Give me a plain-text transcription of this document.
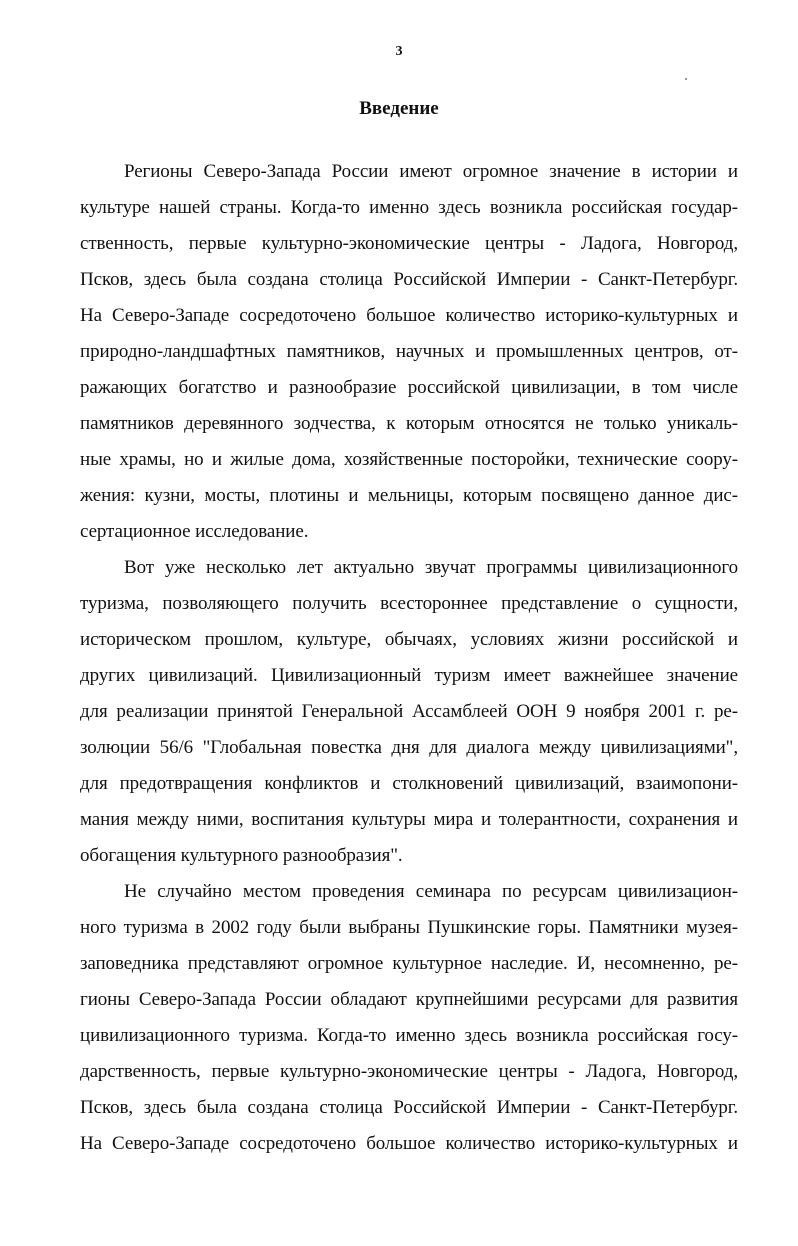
3
Введение
Регионы Северо-Запада России имеют огромное значение в истории и
культуре нашей страны. Когда-то именно здесь возникла российская государ-
ственность, первые культурно-экономические центры - Ладога, Новгород,
Псков, здесь была создана столица Российской Империи - Санкт-Петербург.
На Северо-Западе сосредоточено большое количество историко-культурных и
природно-ландшафтных памятников, научных и промышленных центров, от-
ражающих богатство и разнообразие российской цивилизации, в том числе
памятников деревянного зодчества, к которым относятся не только уникаль-
ные храмы, но и жилые дома, хозяйственные посторойки, технические соору-
жения: кузни, мосты, плотины и мельницы, которым посвящено данное дис-
сертационное исследование.
Вот уже несколько лет актуально звучат программы цивилизационного
туризма, позволяющего получить всестороннее представление о сущности,
историческом прошлом, культуре, обычаях, условиях жизни российской и
других цивилизаций. Цивилизационный туризм имеет важнейшее значение
для реализации принятой Генеральной Ассамблеей ООН 9 ноября 2001 г. ре-
золюции 56/6 "Глобальная повестка дня для диалога между цивилизациями",
для предотвращения конфликтов и столкновений цивилизаций, взаимопони-
мания между ними, воспитания культуры мира и толерантности, сохранения и
обогащения культурного разнообразия".
Не случайно местом проведения семинара по ресурсам цивилизацион-
ного туризма в 2002 году были выбраны Пушкинские горы. Памятники музея-
заповедника представляют огромное культурное наследие. И, несомненно, ре-
гионы Северо-Запада России обладают крупнейшими ресурсами для развития
цивилизационного туризма. Когда-то именно здесь возникла российская госу-
дарственность, первые культурно-экономические центры - Ладога, Новгород,
Псков, здесь была создана столица Российской Империи - Санкт-Петербург.
На Северо-Западе сосредоточено большое количество историко-культурных и
